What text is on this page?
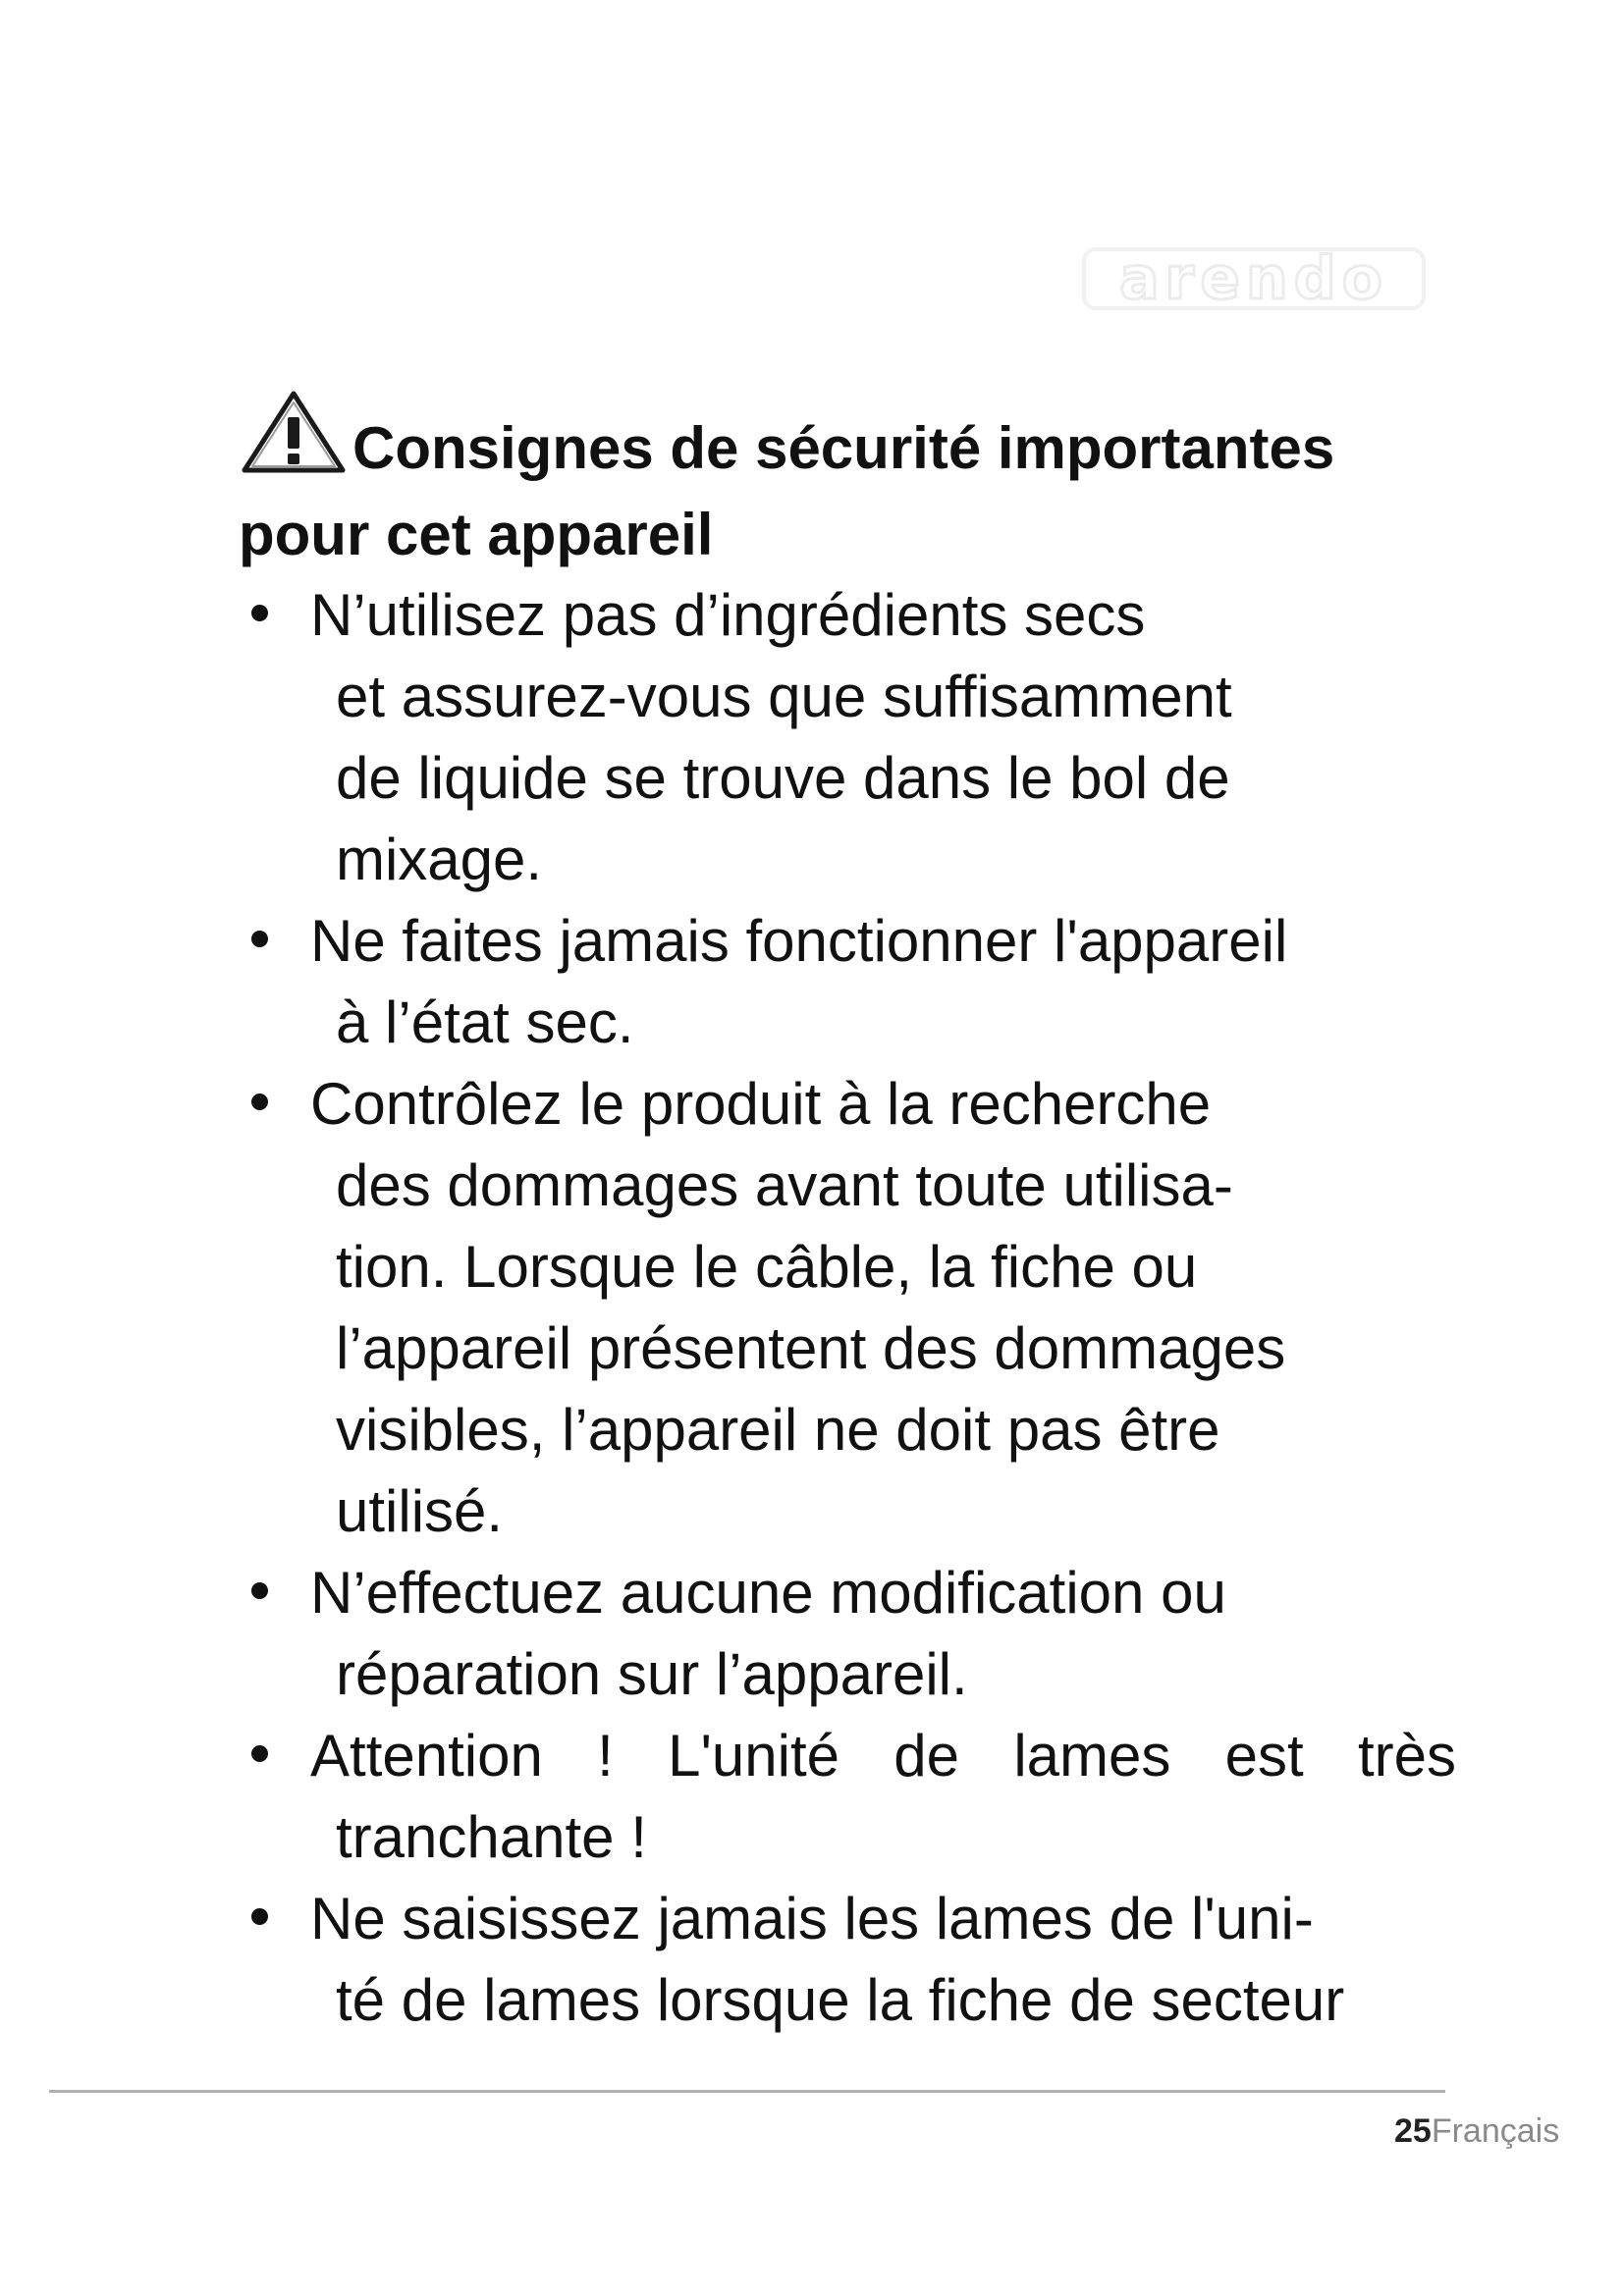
arendo
Consignes de sécurité importantes pour cet appareil
N’utilisez pas d’ingrédients secs
et assurez-vous que suffisamment
de liquide se trouve dans le bol de
mixage.
Ne faites jamais fonctionner l'appareil
à l’état sec.
Contrôlez le produit à la recherche
des dommages avant toute utilisa-
tion. Lorsque le câble, la fiche ou
l’appareil présentent des dommages
visibles, l’appareil ne doit pas être
utilisé.
N’effectuez aucune modification ou
réparation sur l’appareil.
Attention ! L'unité de lames est très
tranchante !
Ne saisissez jamais les lames de l'uni-
té de lames lorsque la fiche de secteur
25Français
